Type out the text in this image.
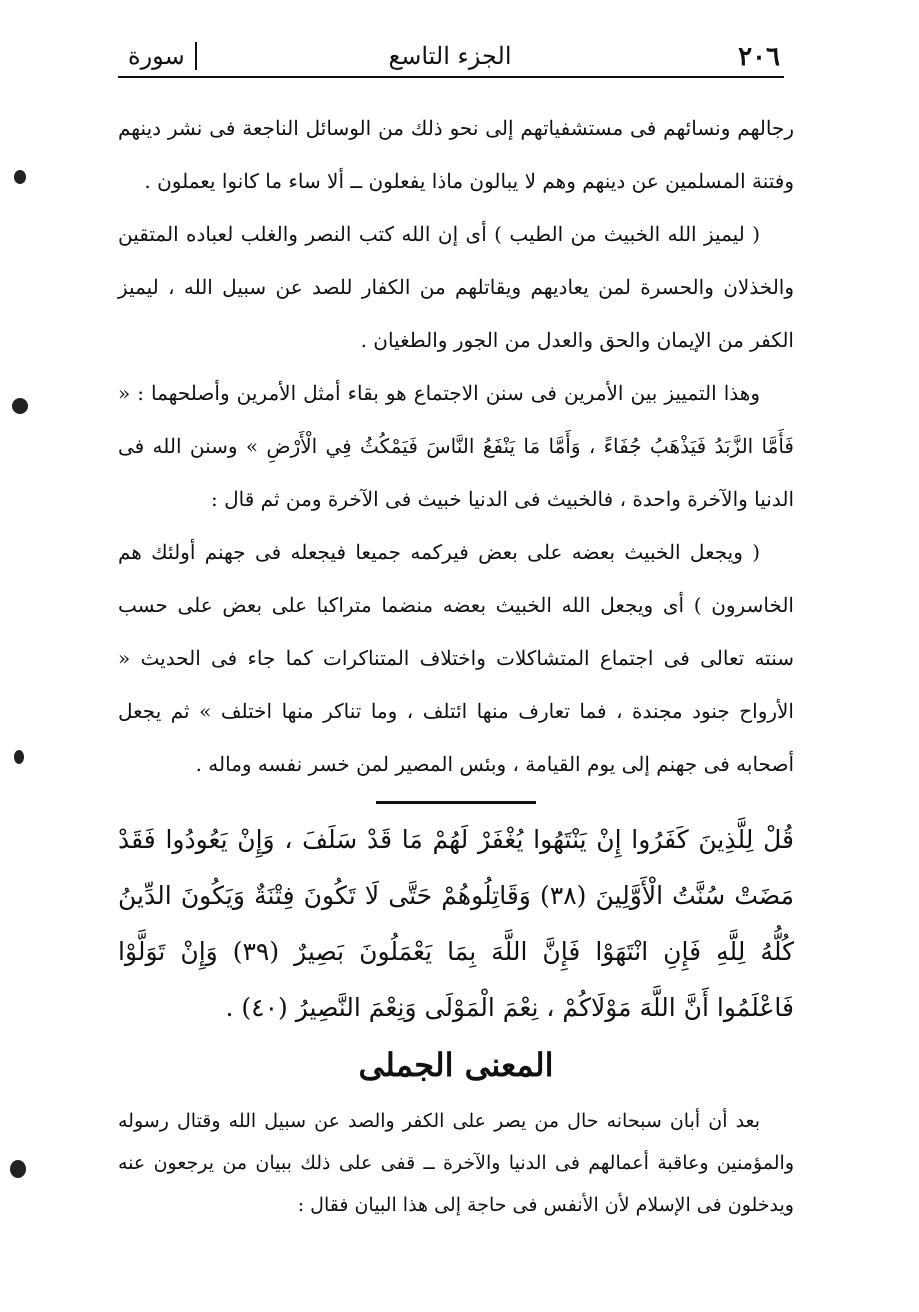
٢٠٦
الجزء التاسع
سورة

رجالهم ونسائهم فى مستشفياتهم إلى نحو ذلك من الوسائل الناجعة فى نشر دينهم وفتنة المسلمين عن دينهم وهم لا يبالون ماذا يفعلون ــ ألا ساء ما كانوا يعملون .

( ليميز الله الخبيث من الطيب ) أى إن الله كتب النصر والغلب لعباده المتقين والخذلان والحسرة لمن يعاديهم ويقاتلهم من الكفار للصد عن سبيل الله ، ليميز الكفر من الإيمان والحق والعدل من الجور والطغيان .

وهذا التمييز بين الأمرين فى سنن الاجتماع هو بقاء أمثل الأمرين وأصلحهما : « فَأَمَّا الزَّبَدُ فَيَذْهَبُ جُفَاءً ، وَأَمَّا مَا يَنْفَعُ النَّاسَ فَيَمْكُثُ فِي الْأَرْضِ » وسنن الله فى الدنيا والآخرة واحدة ، فالخبيث فى الدنيا خبيث فى الآخرة ومن ثم قال :

( ويجعل الخبيث بعضه على بعض فيركمه جميعا فيجعله فى جهنم أولئك هم الخاسرون ) أى ويجعل الله الخبيث بعضه منضما متراكبا على بعض على حسب سنته تعالى فى اجتماع المتشاكلات واختلاف المتناكرات كما جاء فى الحديث « الأرواح جنود مجندة ، فما تعارف منها ائتلف ، وما تناكر منها اختلف » ثم يجعل أصحابه فى جهنم إلى يوم القيامة ، وبئس المصير لمن خسر نفسه وماله .

قُلْ لِلَّذِينَ كَفَرُوا إِنْ يَنْتَهُوا يُغْفَرْ لَهُمْ مَا قَدْ سَلَفَ ، وَإِنْ يَعُودُوا فَقَدْ مَضَتْ سُنَّتُ الْأَوَّلِينَ (٣٨) وَقَاتِلُوهُمْ حَتَّى لَا تَكُونَ فِتْنَةٌ وَيَكُونَ الدِّينُ كُلُّهُ لِلَّهِ فَإِنِ انْتَهَوْا فَإِنَّ اللَّهَ بِمَا يَعْمَلُونَ بَصِيرٌ (٣٩) وَإِنْ تَوَلَّوْا فَاعْلَمُوا أَنَّ اللَّهَ مَوْلَاكُمْ ، نِعْمَ الْمَوْلَى وَنِعْمَ النَّصِيرُ (٤٠) .

المعنى الجملى

بعد أن أبان سبحانه حال من يصر على الكفر والصد عن سبيل الله وقتال رسوله والمؤمنين وعاقبة أعمالهم فى الدنيا والآخرة ــ قفى على ذلك ببيان من يرجعون عنه ويدخلون فى الإسلام لأن الأنفس فى حاجة إلى هذا البيان فقال :
